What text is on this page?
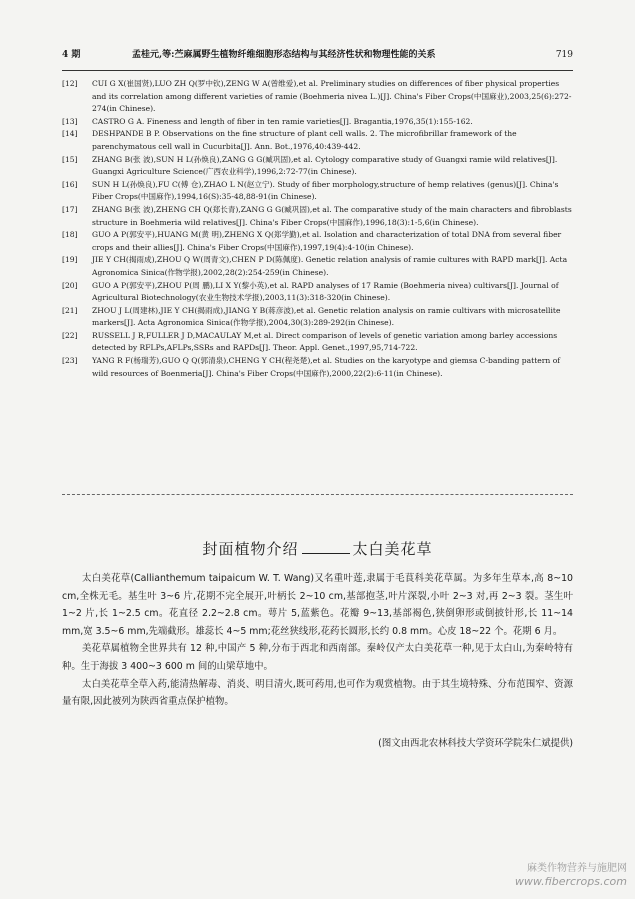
4 期	孟桂元,等:苎麻属野生植物纤维细胞形态结构与其经济性状和物理性能的关系	719
[12] CUI G X(崔国贤),LUO ZH Q(罗中钦),ZENG W A(曾维爱),et al. Preliminary studies on differences of fiber physical properties and its correlation among different varieties of ramie (Boehmeria nivea L.)[J]. China's Fiber Crops(中国麻业),2003,25(6):272-274(in Chinese).
[13] CASTRO G A. Fineness and length of fiber in ten ramie varieties[J]. Bragantia,1976,35(1):155-162.
[14] DESHPANDE B P. Observations on the fine structure of plant cell walls. 2. The microfibrillar framework of the parenchymatous cell wall in Cucurbita[J]. Ann. Bot.,1976,40:439-442.
[15] ZHANG B(张 波),SUN H L(孙焕良),ZANG G G(臧巩固),et al. Cytology comparative study of Guangxi ramie wild relatives[J]. Guangxi Agriculture Science(广西农业科学),1996,2:72-77(in Chinese).
[16] SUN H L(孙焕良),FU C(傅 仓),ZHAO L N(赵立宁). Study of fiber morphology,structure of hemp relatives (genus)[J]. China's Fiber Crops(中国麻作),1994,16(S):35-48,88-91(in Chinese).
[17] ZHANG B(张 波),ZHENG CH Q(郑长青),ZANG G G(臧巩固),et al. The comparative study of the main characters and fibroblasts structure in Boehmeria wild relatives[J]. China's Fiber Crops(中国麻作),1996,18(3):1-5,6(in Chinese).
[18] GUO A P(郭安平),HUANG M(黄 明),ZHENG X Q(郑学勤),et al. Isolation and characterization of total DNA from several fiber crops and their allies[J]. China's Fiber Crops(中国麻作),1997,19(4):4-10(in Chinese).
[19] JIE Y CH(揭雨成),ZHOU Q W(周青文),CHEN P D(陈佩度). Genetic relation analysis of ramie cultures with RAPD mark[J]. Acta Agronomica Sinica(作物学报),2002,28(2):254-259(in Chinese).
[20] GUO A P(郭安平),ZHOU P(周 鹏),LI X Y(黎小英),et al. RAPD analyses of 17 Ramie (Boehmeria nivea) cultivars[J]. Journal of Agricultural Biotechnology(农业生物技术学报),2003,11(3):318-320(in Chinese).
[21] ZHOU J L(周建林),JIE Y CH(揭雨成),JIANG Y B(蒋彦波),et al. Genetic relation analysis on ramie cultivars with microsatellite markers[J]. Acta Agronomica Sinica(作物学报),2004,30(3):289-292(in Chinese).
[22] RUSSELL J R,FULLER J D,MACAULAY M,et al. Direct comparison of levels of genetic variation among barley accessions detected by RFLPs,AFLPs,SSRs and RAPDs[J]. Theor. Appl. Genet.,1997,95,714-722.
[23] YANG R F(杨瑞芳),GUO Q Q(郭清泉),CHENG Y CH(程尧楚),et al. Studies on the karyotype and giemsa C-banding pattern of wild resources of Boenmeria[J]. China's Fiber Crops(中国麻作),2000,22(2):6-11(in Chinese).
封面植物介绍	太白美花草

太白美花草(Callianthemum taipaicum W. T. Wang)又名重叶莲,隶属于毛茛科美花草属。为多年生草本,高 8~10 cm,全株无毛。基生叶 3~6 片,花期不完全展开,叶柄长 2~10 cm,基部抱茎,叶片深裂,小叶 2~3 对,再 2~3 裂。茎生叶 1~2 片,长 1~2.5 cm。花直径 2.2~2.8 cm。萼片 5,蓝紫色。花瓣 9~13,基部褐色,狭倒卵形或倒披针形,长 11~14 mm,宽 3.5~6 mm,先端截形。雄蕊长 4~5 mm;花丝狭线形,花药长圆形,长约 0.8 mm。心皮 18~22 个。花期 6 月。

美花草属植物全世界共有 12 种,中国产 5 种,分布于西北和西南部。秦岭仅产太白美花草一种,见于太白山,为秦岭特有种。生于海拔 3 400~3 600 m 间的山梁草地中。

太白美花草全草入药,能清热解毒、消炎、明目清火,既可药用,也可作为观赏植物。由于其生境特殊、分布范围窄、资源量有限,因此被列为陕西省重点保护植物。

(图文由西北农林科技大学资环学院朱仁斌提供)
麻类作物营养与施肥网
www.fibercrops.com
